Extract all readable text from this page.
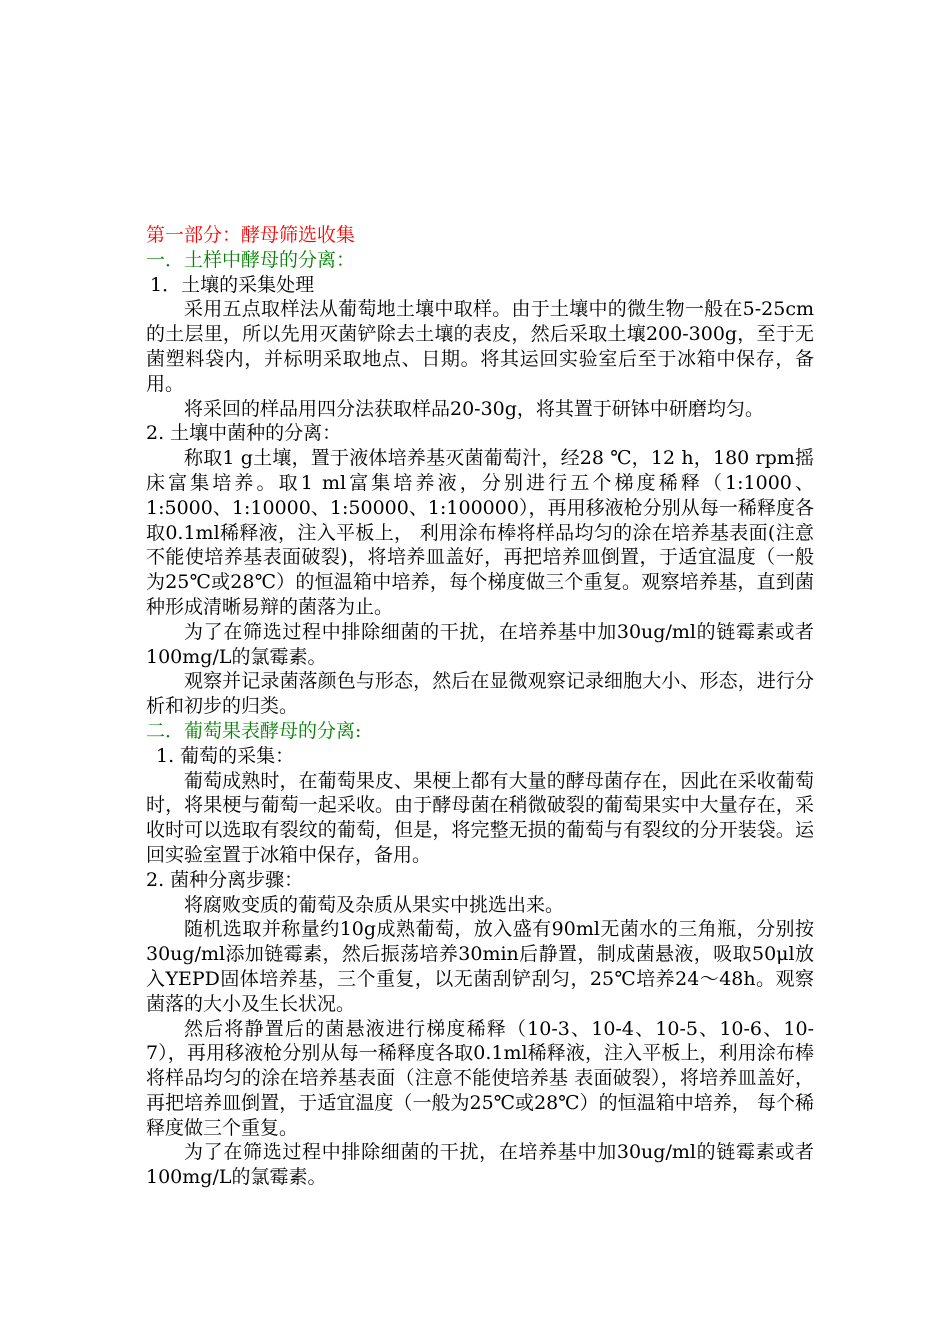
第一部分：酵母筛选收集

一．土样中酵母的分离：

1．土壤的采集处理

采用五点取样法从葡萄地土壤中取样。由于土壤中的微生物一般在5-25cm的土层里，所以先用灭菌铲除去土壤的表皮，然后采取土壤200-300g，至于无菌塑料袋内，并标明采取地点、日期。将其运回实验室后至于冰箱中保存，备用。

将采回的样品用四分法获取样品20-30g，将其置于研钵中研磨均匀。

2. 土壤中菌种的分离：

称取1 g土壤，置于液体培养基灭菌葡萄汁，经28 ℃，12 h，180 rpm摇床富集培养。取1 ml富集培养液，分别进行五个梯度稀释（1:1000、1:5000、1:10000、1:50000、1:100000），再用移液枪分别从每一稀释度各取0.1ml稀释液，注入平板上， 利用涂布棒将样品均匀的涂在培养基表面(注意不能使培养基表面破裂)，将培养皿盖好，再把培养皿倒置，于适宜温度（一般为25℃或28℃）的恒温箱中培养，每个梯度做三个重复。观察培养基，直到菌种形成清晰易辩的菌落为止。

为了在筛选过程中排除细菌的干扰，在培养基中加30ug/ml的链霉素或者100mg/L的氯霉素。

观察并记录菌落颜色与形态，然后在显微观察记录细胞大小、形态，进行分析和初步的归类。

二．葡萄果表酵母的分离:

1. 葡萄的采集：

葡萄成熟时，在葡萄果皮、果梗上都有大量的酵母菌存在，因此在采收葡萄时，将果梗与葡萄一起采收。由于酵母菌在稍微破裂的葡萄果实中大量存在，采收时可以选取有裂纹的葡萄，但是，将完整无损的葡萄与有裂纹的分开装袋。运回实验室置于冰箱中保存，备用。

2. 菌种分离步骤：

将腐败变质的葡萄及杂质从果实中挑选出来。

随机选取并称量约10g成熟葡萄，放入盛有90ml无菌水的三角瓶，分别按30ug/ml添加链霉素，然后振荡培养30min后静置，制成菌悬液，吸取50μl放入YEPD固体培养基，三个重复，以无菌刮铲刮匀，25℃培养24～48h。观察菌落的大小及生长状况。

然后将静置后的菌悬液进行梯度稀释（10-3、10-4、10-5、10-6、10-7），再用移液枪分别从每一稀释度各取0.1ml稀释液，注入平板上，利用涂布棒将样品均匀的涂在培养基表面（注意不能使培养基 表面破裂），将培养皿盖好，再把培养皿倒置，于适宜温度（一般为25℃或28℃）的恒温箱中培养， 每个稀释度做三个重复。

为了在筛选过程中排除细菌的干扰，在培养基中加30ug/ml的链霉素或者100mg/L的氯霉素。
